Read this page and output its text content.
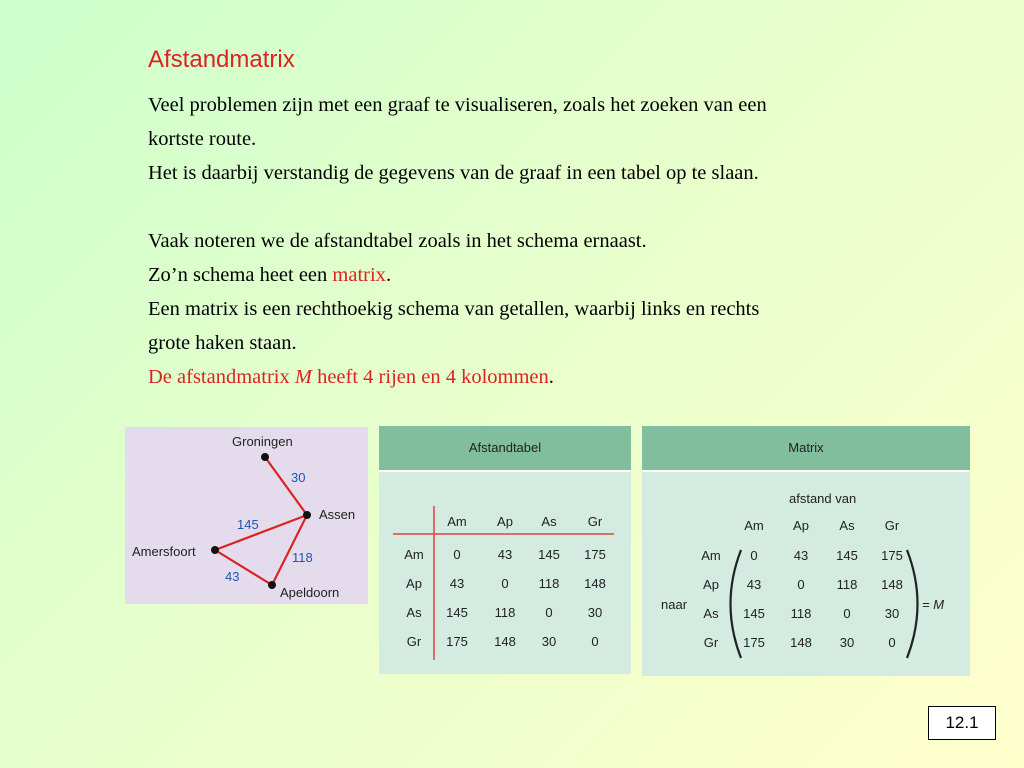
Afstandmatrix

Veel problemen zijn met een graaf te visualiseren, zoals het zoeken van een

kortste route.

Het is daarbij verstandig de gegevens van de graaf in een tabel op te slaan.

Vaak noteren we de afstandtabel zoals in het schema ernaast.

Zo’n schema heet een matrix.

Een matrix is een rechthoekig schema van getallen, waarbij links en rechts

grote haken staan.

De afstandmatrix M heeft 4 rijen en 4 kolommen.

Groningen
Assen
Amersfoort
Apeldoorn
30
145
118
43
Afstandtabel
Am Ap As Gr
Am 0	43 145 175
Ap 43	0 118 148
As 145 118 0	30
Gr 175 148 30	0
Matrix
afstand van
naar	= M
Am Ap As Gr
Am 0	43 145 175
Ap 43	0 118 148
As 145 118 0	30
Gr 175 148 30	0
12.1
